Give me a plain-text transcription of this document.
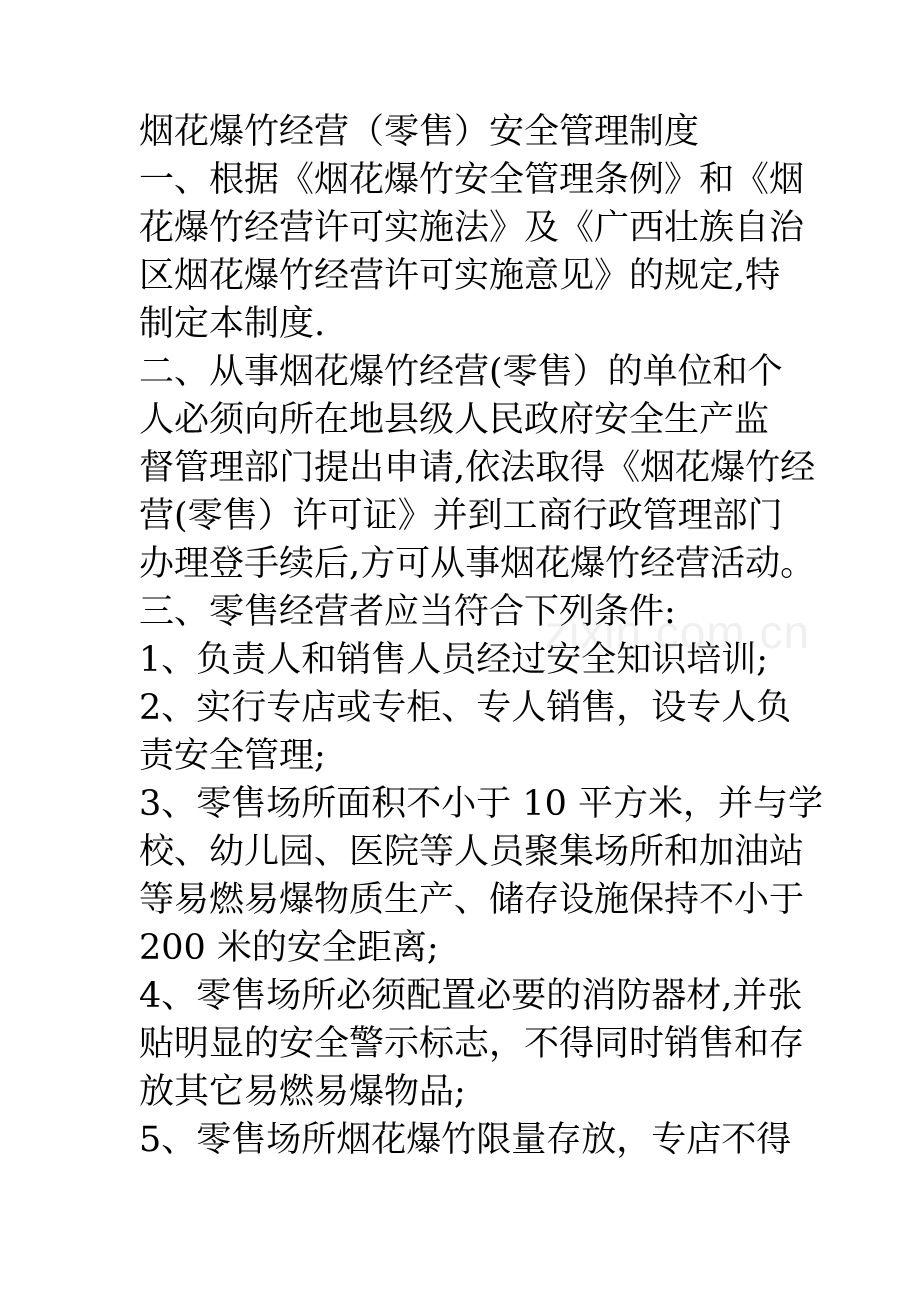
zixin.com.cn
烟花爆竹经营（零售）安全管理制度
一、根据《烟花爆竹安全管理条例》和《烟
花爆竹经营许可实施法》及《广西壮族自治
区烟花爆竹经营许可实施意见》的规定,特
制定本制度.
二、从事烟花爆竹经营(零售）的单位和个
人必须向所在地县级人民政府安全生产监
督管理部门提出申请,依法取得《烟花爆竹经
营(零售）许可证》并到工商行政管理部门
办理登手续后,方可从事烟花爆竹经营活动。
三、零售经营者应当符合下列条件:
1、负责人和销售人员经过安全知识培训;
2、实行专店或专柜、专人销售，设专人负
责安全管理;
3、零售场所面积不小于 10 平方米，并与学
校、幼儿园、医院等人员聚集场所和加油站
等易燃易爆物质生产、储存设施保持不小于
200 米的安全距离;
4、零售场所必须配置必要的消防器材,并张
贴明显的安全警示标志，不得同时销售和存
放其它易燃易爆物品;
5、零售场所烟花爆竹限量存放，专店不得
